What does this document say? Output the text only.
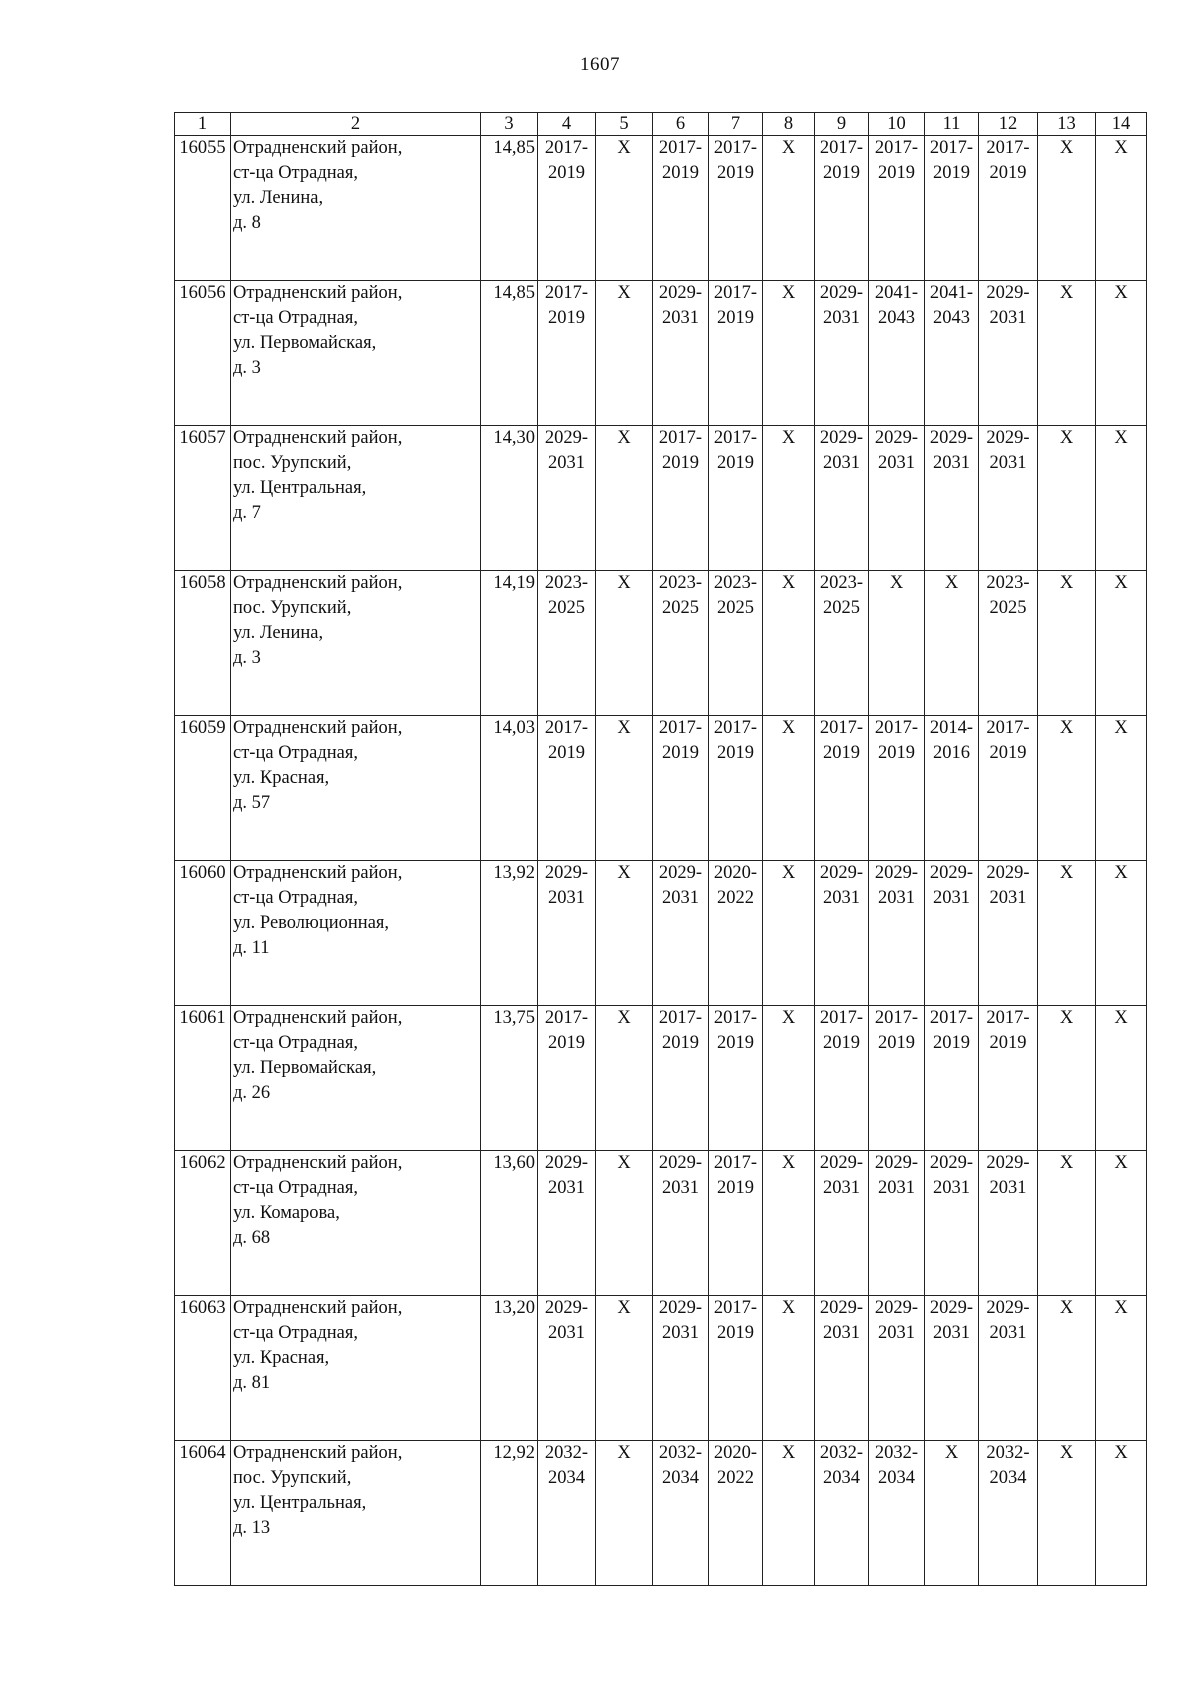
1607
1	2	3	4	5	6	7	8	9	10	11	12	13	14
16055	Отрадненский район,
ст-ца Отрадная,
ул. Ленина,
д. 8	14,85	2017-
2019	Х	2017-
2019	2017-
2019	Х	2017-
2019	2017-
2019	2017-
2019	2017-
2019	Х	Х

16056	Отрадненский район,
ст-ца Отрадная,
ул. Первомайская,
д. 3	14,85	2017-
2019	Х	2029-
2031	2017-
2019	Х	2029-
2031	2041-
2043	2041-
2043	2029-
2031	Х	Х

16057	Отрадненский район,
пос. Урупский,
ул. Центральная,
д. 7	14,30	2029-
2031	Х	2017-
2019	2017-
2019	Х	2029-
2031	2029-
2031	2029-
2031	2029-
2031	Х	Х

16058	Отрадненский район,
пос. Урупский,
ул. Ленина,
д. 3	14,19	2023-
2025	Х	2023-
2025	2023-
2025	Х	2023-
2025	Х	Х	2023-
2025	Х	Х

16059	Отрадненский район,
ст-ца Отрадная,
ул. Красная,
д. 57	14,03	2017-
2019	Х	2017-
2019	2017-
2019	Х	2017-
2019	2017-
2019	2014-
2016	2017-
2019	Х	Х

16060	Отрадненский район,
ст-ца Отрадная,
ул. Революционная,
д. 11	13,92	2029-
2031	Х	2029-
2031	2020-
2022	Х	2029-
2031	2029-
2031	2029-
2031	2029-
2031	Х	Х

16061	Отрадненский район,
ст-ца Отрадная,
ул. Первомайская,
д. 26	13,75	2017-
2019	Х	2017-
2019	2017-
2019	Х	2017-
2019	2017-
2019	2017-
2019	2017-
2019	Х	Х

16062	Отрадненский район,
ст-ца Отрадная,
ул. Комарова,
д. 68	13,60	2029-
2031	Х	2029-
2031	2017-
2019	Х	2029-
2031	2029-
2031	2029-
2031	2029-
2031	Х	Х

16063	Отрадненский район,
ст-ца Отрадная,
ул. Красная,
д. 81	13,20	2029-
2031	Х	2029-
2031	2017-
2019	Х	2029-
2031	2029-
2031	2029-
2031	2029-
2031	Х	Х

16064	Отрадненский район,
пос. Урупский,
ул. Центральная,
д. 13	12,92	2032-
2034	Х	2032-
2034	2020-
2022	Х	2032-
2034	2032-
2034	Х	2032-
2034	Х	Х
